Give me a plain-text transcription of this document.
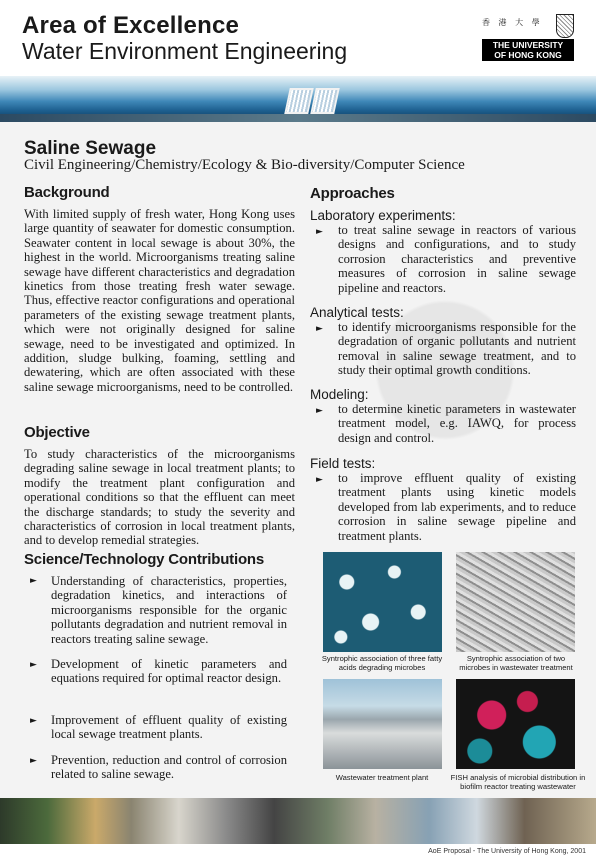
Area of Excellence
Water Environment Engineering
香 港 大 學
THE UNIVERSITY
OF HONG KONG
Saline Sewage
Civil Engineering/Chemistry/Ecology & Bio-diversity/Computer Science
Background
With limited supply of fresh water, Hong Kong uses large quantity of seawater for domestic consumption. Seawater content in local sewage is about 30%, the highest in the world. Microorganisms treating saline sewage have different characteristics and degradation kinetics from those treating fresh water sewage. Thus, effective reactor configurations and operational parameters of the existing sewage treatment plants, which were not originally designed for saline sewage, need to be investigated and optimized. In addition, sludge bulking, foaming, settling and dewatering, which are often associated with these saline sewage microorganisms, need to be controlled.
Objective
To study characteristics of the microorganisms degrading saline sewage in local treatment plants; to modify the treatment plant configuration and operational conditions so that the effluent can meet the discharge standards; to study the severity and characteristics of corrosion in local treatment plants, and to develop remedial strategies.
Science/Technology Contributions
► Understanding of characteristics, properties, degradation kinetics, and interactions of microorganisms responsible for the organic pollutants degradation and nutrient removal in reactors treating saline sewage.
► Development of kinetic parameters and equations required for optimal reactor design.
► Improvement of effluent quality of existing local sewage treatment plants.
► Prevention, reduction and control of corrosion related to saline sewage.
Approaches
Laboratory experiments:
► to treat saline sewage in reactors of various designs and configurations, and to study corrosion characteristics and preventive measures of corrosion in saline sewage pipeline and reactors.
Analytical tests:
► to identify microorganisms responsible for the degradation of organic pollutants and nutrient removal in saline sewage treatment, and to study their optimal growth conditions.
Modeling:
► to determine kinetic parameters in wastewater treatment model, e.g. IAWQ, for process design and control.
Field tests:
► to improve effluent quality of existing treatment plants using kinetic models developed from lab experiments, and to reduce corrosion in saline sewage pipeline and treatment plants.
Syntrophic association of three fatty acids degrading microbes
Syntrophic association of two microbes in wastewater treatment
Wastewater treatment plant	FISH analysis of microbial distribution in biofilm reactor treating wastewater
AoE Proposal - The University of Hong Kong, 2001
